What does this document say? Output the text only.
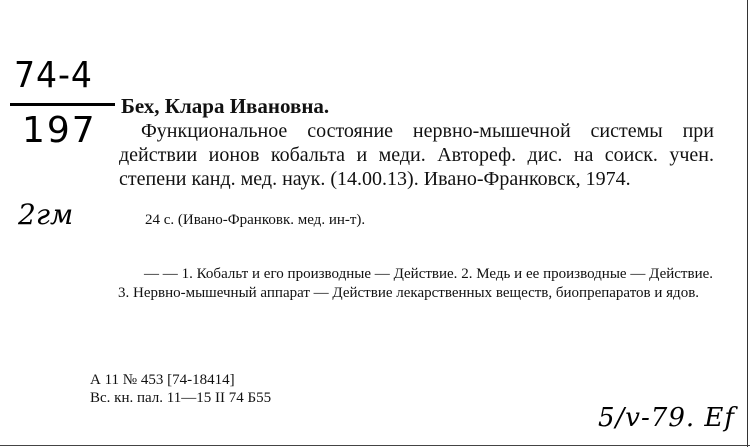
74-4
197
2гм
Бех, Клара Ивановна.
Функциональное состояние нервно-мышечной системы при действии ионов кобальта и меди. Автореф. дис. на соиск. учен. степени канд. мед. наук. (14.00.13). Ивано-Франковск, 1974.
24 с. (Ивано-Франковк. мед. ин-т).
— — 1. Кобальт и его производные — Действие. 2. Медь и ее производные — Действие. 3. Нервно-мышечный аппарат — Действие лекарственных веществ, биопрепаратов и ядов.
А 11 № 453 [74-18414]
Вс. кн. пал. 11—15 II 74 Б55
5/v-79. Ef
